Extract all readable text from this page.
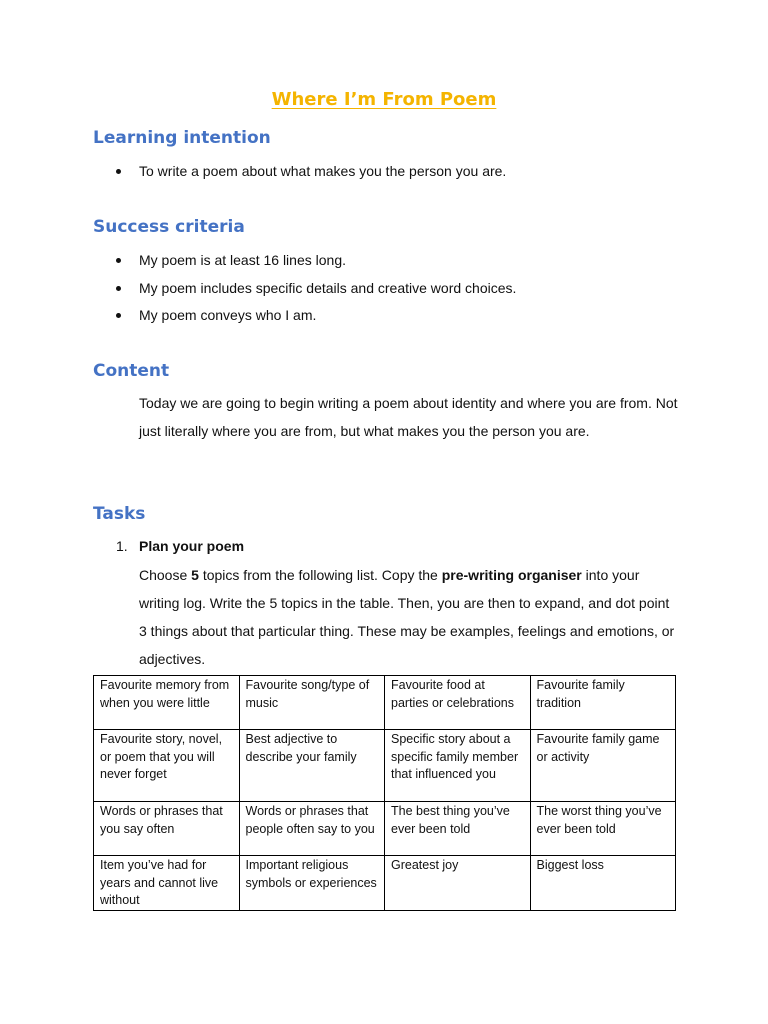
Where I’m From Poem
Learning intention
To write a poem about what makes you the person you are.
Success criteria
My poem is at least 16 lines long.
My poem includes specific details and creative word choices.
My poem conveys who I am.
Content

Today we are going to begin writing a poem about identity and where you are from. Not just literally where you are from, but what makes you the person you are.

Tasks
1. Plan your poem

Choose 5 topics from the following list. Copy the pre-writing organiser into your writing log. Write the 5 topics in the table. Then, you are then to expand, and dot point 3 things about that particular thing. These may be examples, feelings and emotions, or adjectives.

Favourite memory from when you were little	Favourite song/type of music	Favourite food at parties or celebrations	Favourite family tradition
Favourite story, novel, or poem that you will never forget	Best adjective to describe your family	Specific story about a specific family member that influenced you	Favourite family game or activity
Words or phrases that you say often	Words or phrases that people often say to you	The best thing you’ve ever been told	The worst thing you’ve ever been told
Item you’ve had for years and cannot live without	Important religious symbols or experiences	Greatest joy	Biggest loss
